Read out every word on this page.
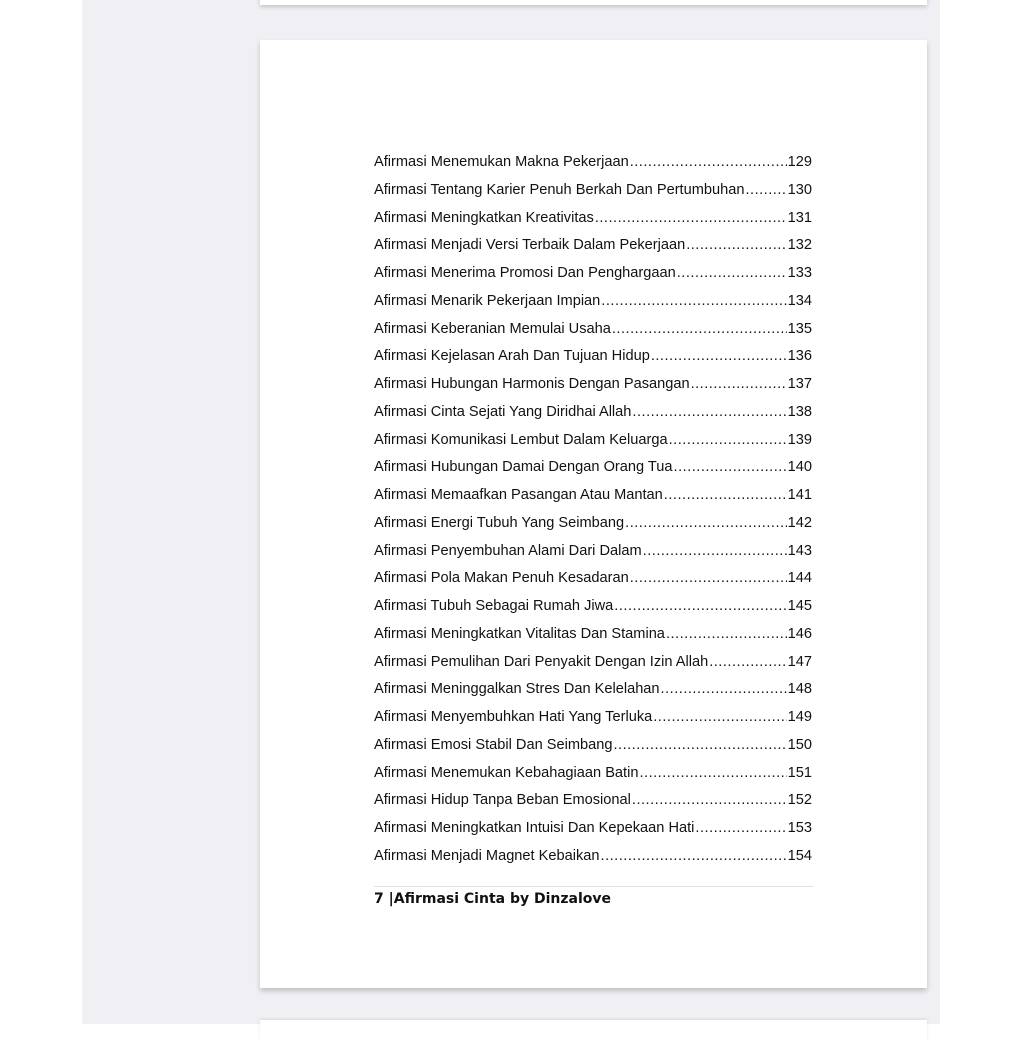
Afirmasi Menemukan Makna Pekerjaan .....	129
Afirmasi Tentang Karier Penuh Berkah Dan Pertumbuhan .....	130
Afirmasi Meningkatkan Kreativitas .....	131
Afirmasi Menjadi Versi Terbaik Dalam Pekerjaan .....	132
Afirmasi Menerima Promosi Dan Penghargaan .....	133
Afirmasi Menarik Pekerjaan Impian .....	134
Afirmasi Keberanian Memulai Usaha .....	135
Afirmasi Kejelasan Arah Dan Tujuan Hidup .....	136
Afirmasi Hubungan Harmonis Dengan Pasangan .....	137
Afirmasi Cinta Sejati Yang Diridhai Allah .....	138
Afirmasi Komunikasi Lembut Dalam Keluarga .....	139
Afirmasi Hubungan Damai Dengan Orang Tua .....	140
Afirmasi Memaafkan Pasangan Atau Mantan .....	141
Afirmasi Energi Tubuh Yang Seimbang .....	142
Afirmasi Penyembuhan Alami Dari Dalam .....	143
Afirmasi Pola Makan Penuh Kesadaran .....	144
Afirmasi Tubuh Sebagai Rumah Jiwa .....	145
Afirmasi Meningkatkan Vitalitas Dan Stamina .....	146
Afirmasi Pemulihan Dari Penyakit Dengan Izin Allah .....	147
Afirmasi Meninggalkan Stres Dan Kelelahan .....	148
Afirmasi Menyembuhkan Hati Yang Terluka .....	149
Afirmasi Emosi Stabil Dan Seimbang .....	150
Afirmasi Menemukan Kebahagiaan Batin .....	151
Afirmasi Hidup Tanpa Beban Emosional .....	152
Afirmasi Meningkatkan Intuisi Dan Kepekaan Hati .....	153
Afirmasi Menjadi Magnet Kebaikan .....	154
7 |Afirmasi Cinta by Dinzalove
